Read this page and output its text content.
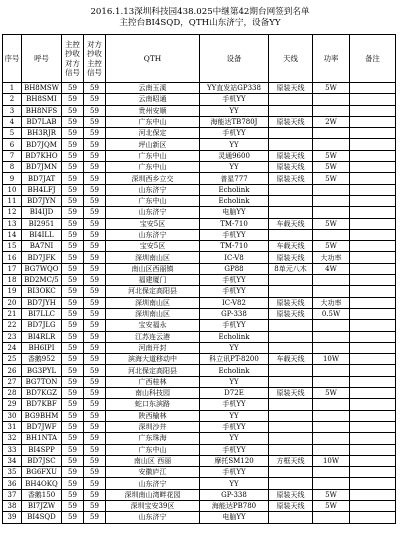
2016.1.13深圳科技园438.025中继第42期台网签到名单
主控台BI4SQD，QTH山东济宁，设备YY
序号	呼号	主控抄收对方信号	对方抄收主控信号	QTH	设备	天线	功率	备注
1	BH8MSW	59	59	云南玉溪	YY直发站GP338	原装天线	5W	
2	BH8SMI	59	59	云南昭通	手机YY			
3	BH8NFS	59	59	贵州安顺	YY			
4	BD7LAB	59	59	广东中山	海能达TB780J	原装天线	2W	
5	BH3RJR	59	59	河北保定	手机YY			
6	BD7JQM	59	59	坪山新区	YY			
7	BD7KHO	59	59	广东中山	灵通9600	原装天线	5W	
8	BD7JMN	59	59	广东中山	YY	原装天线	5W	
9	BD7JAT	59	59	深圳西乡立交	普星777	原装天线	5W	
10	BH4LFJ	59	59	山东济宁	Echolink			
11	BD7JYN	59	59	广东中山	Echolink			
12	BI4IJD	59	59	山东济宁	电脑YY			
13	BI2951	59	59	宝安5区	TM-710	车载天线	5W	
14	BI4ILL	59	59	山东济宁	手机YY			
15	BA7NI	59	59	宝安5区	TM-710	车载天线	5W	
16	BD7JFK	59	59	深圳南山区	IC-V8	原装天线	大功率	
17	BG7WQO	59	59	南山区西丽镇	GP88	8单元八木	4W	
18	BD2MC/5	59	59	福建厦门	手机YY			
19	BI3OKC	59	59	河北保定高阳县	手机YY			
20	BD7JYH	59	59	深圳南山区	IC-V82	原装天线	大功率	
21	BI7LLC	59	59	深圳南山区	GP-338	原装天线	0.5W	
22	BD7JLG	59	59	宝安福永	手机YY			
23	BI4RLR	59	59	江苏连云港	Echolink			
24	BH6IPI	59	59	河南开封	YY			
25	香鹅952	59	59	滨海大道移动中	科立讯PT-8200	车载天线	10W	
26	BG3PYL	59	59	河北保定高阳县	Echolink			
27	BG7TON	59	59	广西桂林	YY			
28	BD7KGZ	59	59	南山科技园	D72E	原装天线	5W	
29	BD7KBF	59	59	蛇口东滨路	手机YY			
30	BG9BHM	59	59	陕西榆林	YY			
31	BD7JWF	59	59	深圳沙井	手机YY			
32	BH1NTA	59	59	广东珠海	YY			
33	BI4SPP	59	59	广东中山	手机YY			
34	BD7JSC	59	59	南山区 西丽	摩托SM120	方框天线	10W	
35	BG6FXU	59	59	安徽庐江	手机YY			
36	BH4OKQ	59	59	山东济宁	YY			
37	香鹅150	59	59	深圳南山湾畔花园	GP-338	原装天线	5W	
38	BI7JZW	59	59	深圳宝安39区	海能达PB780	原装天线	5W	
39	BI4SQD	59	59	山东济宁	电脑YY			
